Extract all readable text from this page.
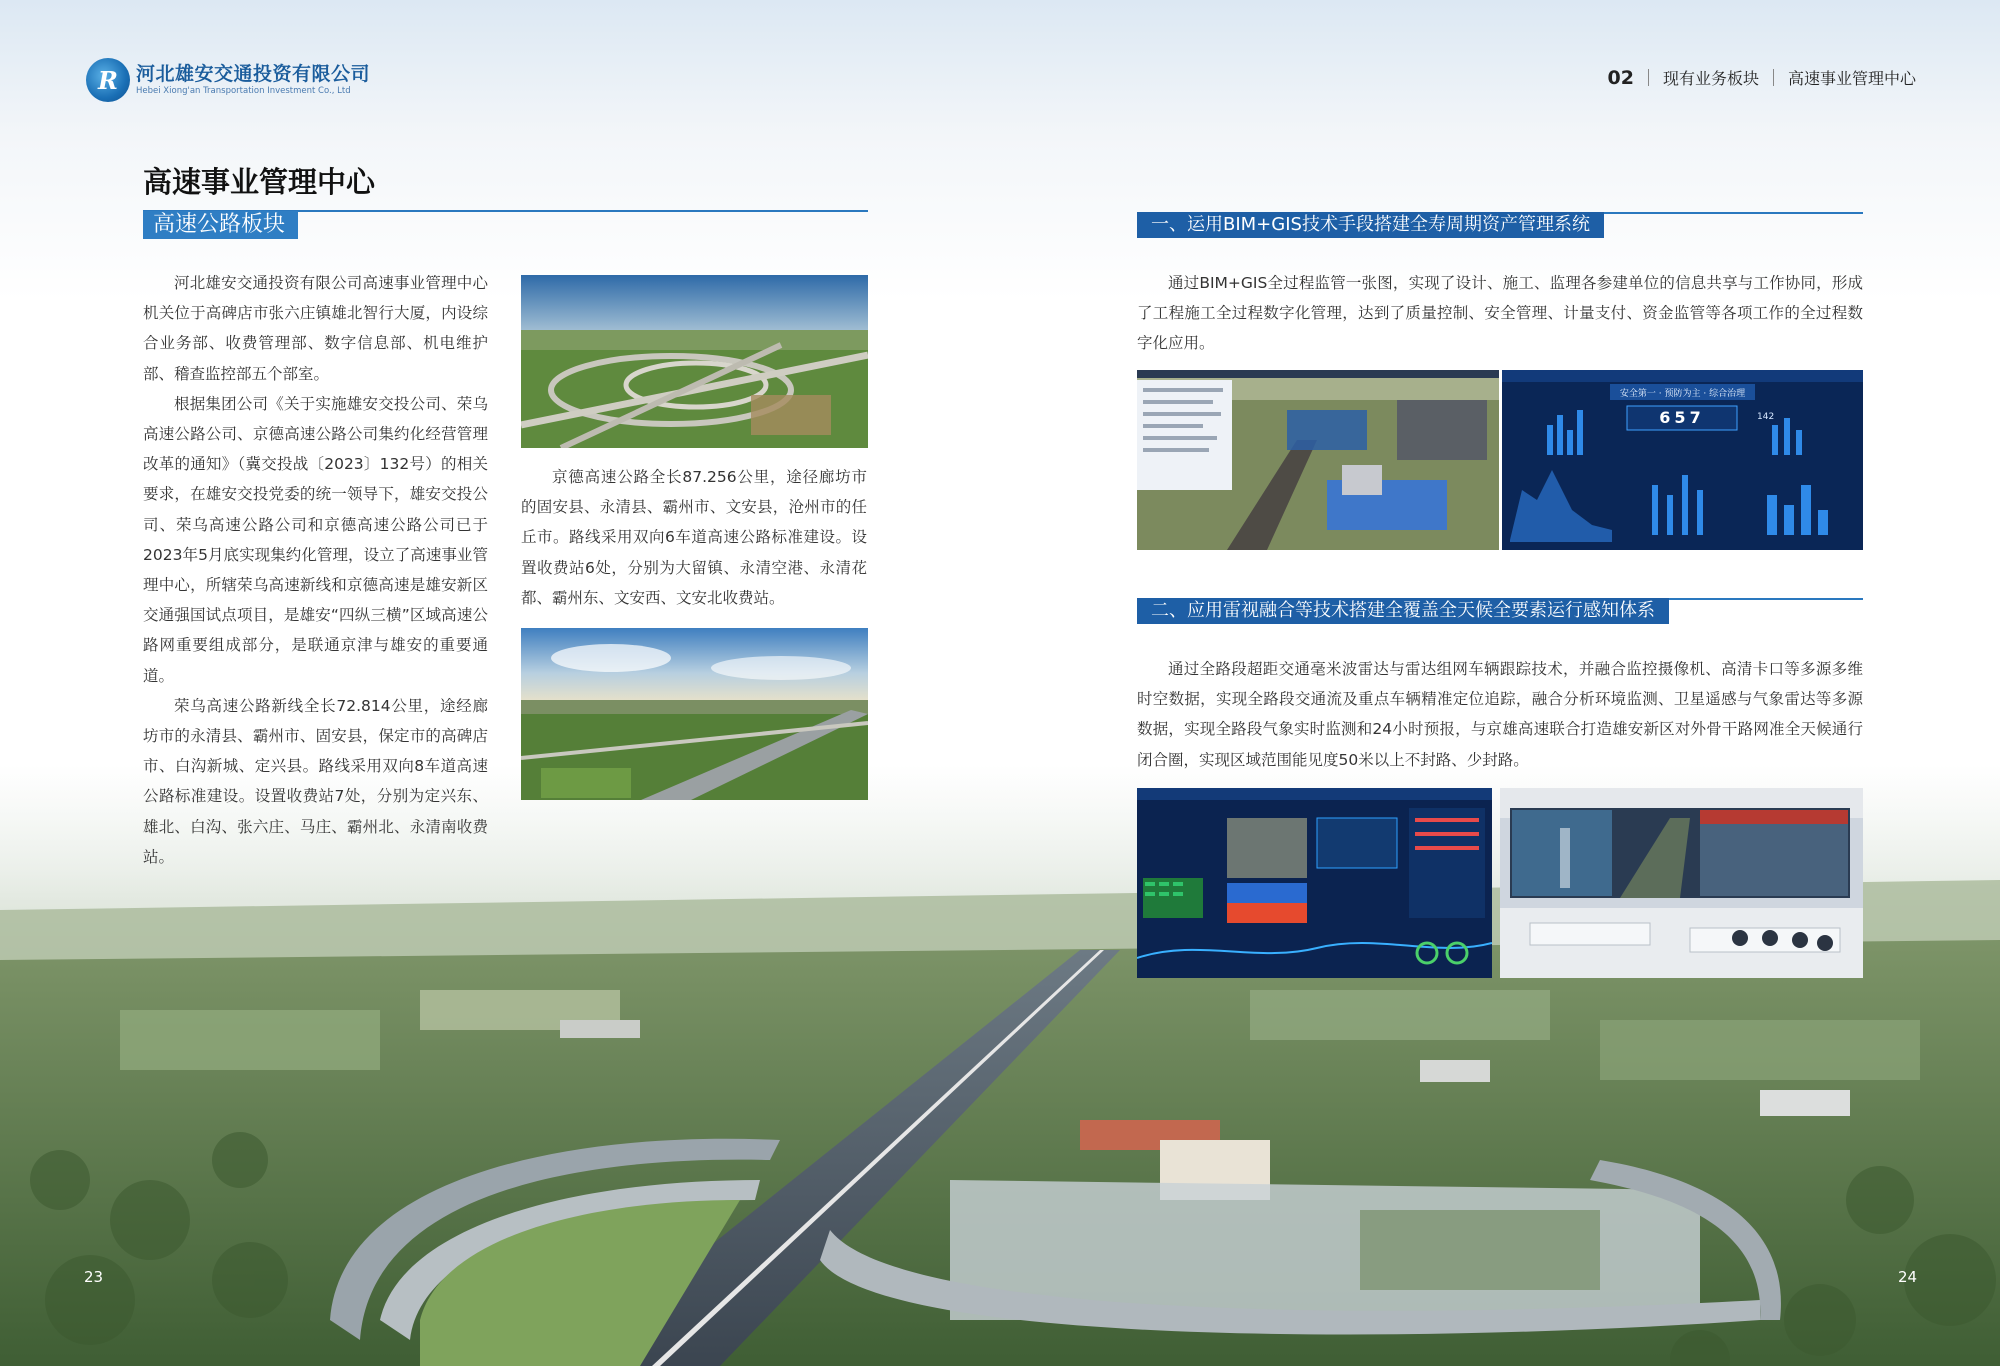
R 河北雄安交通投资有限公司
Hebei Xiong'an Transportation Investment Co., Ltd
02 现有业务板块 高速事业管理中心
高速事业管理中心
高速公路板块

河北雄安交通投资有限公司高速事业管理中心机关位于高碑店市张六庄镇雄北智行大厦，内设综合业务部、收费管理部、数字信息部、机电维护部、稽查监控部五个部室。

根据集团公司《关于实施雄安交投公司、荣乌高速公路公司、京德高速公路公司集约化经营管理改革的通知》（冀交投战〔2023〕132号）的相关要求，在雄安交投党委的统一领导下，雄安交投公司、荣乌高速公路公司和京德高速公路公司已于2023年5月底实现集约化管理，设立了高速事业管理中心，所辖荣乌高速新线和京德高速是雄安新区交通强国试点项目，是雄安“四纵三横”区域高速公路网重要组成部分，是联通京津与雄安的重要通道。

荣乌高速公路新线全长72.814公里，途经廊坊市的永清县、霸州市、固安县，保定市的高碑店市、白沟新城、定兴县。路线采用双向8车道高速公路标准建设。设置收费站7处，分别为定兴东、雄北、白沟、张六庄、马庄、霸州北、永清南收费站。

京德高速公路全长87.256公里，途径廊坊市的固安县、永清县、霸州市、文安县，沧州市的任丘市。路线采用双向6车道高速公路标准建设。设置收费站6处，分别为大留镇、永清空港、永清花都、霸州东、文安西、文安北收费站。

23
一、运用BIM+GIS技术手段搭建全寿周期资产管理系统

通过BIM+GIS全过程监管一张图，实现了设计、施工、监理各参建单位的信息共享与工作协同，形成了工程施工全过程数字化管理，达到了质量控制、安全管理、计量支付、资金监管等各项工作的全过程数字化应用。

安全第一 · 预防为主 · 综合治理
657	142
二、应用雷视融合等技术搭建全覆盖全天候全要素运行感知体系

通过全路段超距交通毫米波雷达与雷达组网车辆跟踪技术，并融合监控摄像机、高清卡口等多源多维时空数据，实现全路段交通流及重点车辆精准定位追踪，融合分析环境监测、卫星遥感与气象雷达等多源数据，实现全路段气象实时监测和24小时预报，与京雄高速联合打造雄安新区对外骨干路网准全天候通行闭合圈，实现区域范围能见度50米以上不封路、少封路。

24
